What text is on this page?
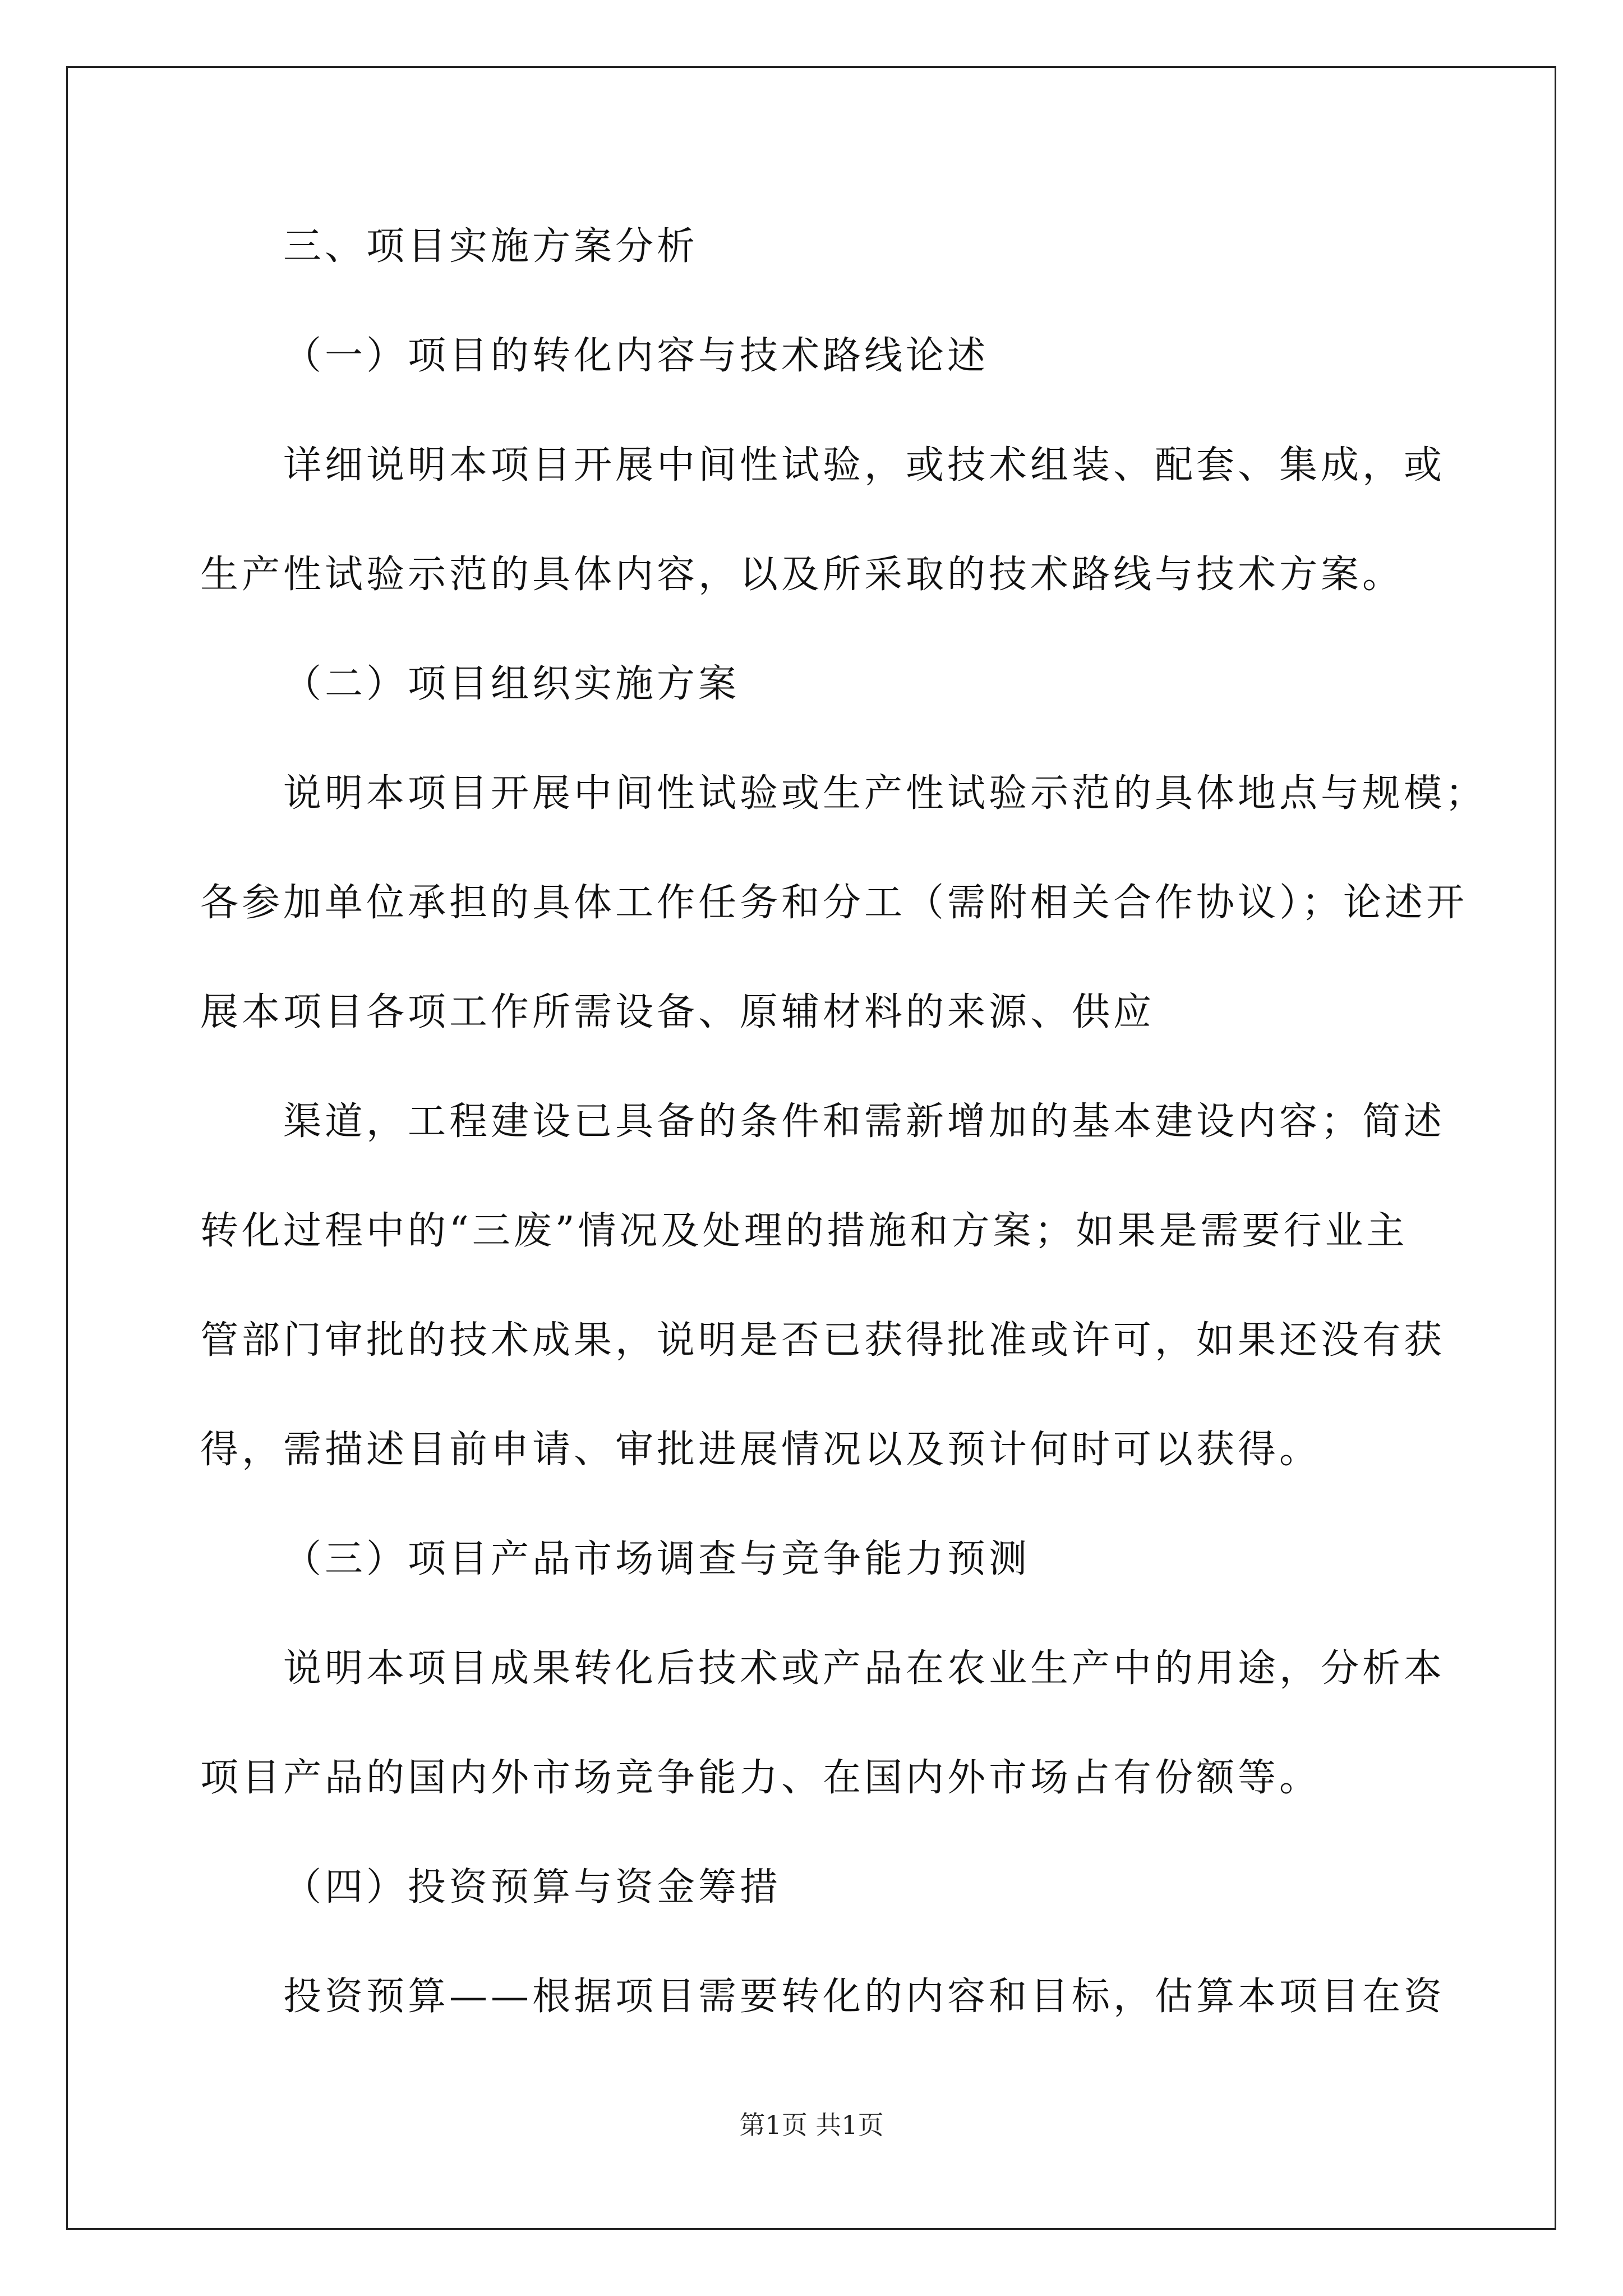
三、项目实施方案分析
（一）项目的转化内容与技术路线论述
详细说明本项目开展中间性试验，或技术组装、配套、集成，或
生产性试验示范的具体内容，以及所采取的技术路线与技术方案。
（二）项目组织实施方案
说明本项目开展中间性试验或生产性试验示范的具体地点与规模；
各参加单位承担的具体工作任务和分工（需附相关合作协议）；论述开
展本项目各项工作所需设备、原辅材料的来源、供应
渠道，工程建设已具备的条件和需新增加的基本建设内容；简述
转化过程中的“三废”情况及处理的措施和方案；如果是需要行业主
管部门审批的技术成果，说明是否已获得批准或许可，如果还没有获
得，需描述目前申请、审批进展情况以及预计何时可以获得。
（三）项目产品市场调查与竞争能力预测
说明本项目成果转化后技术或产品在农业生产中的用途，分析本
项目产品的国内外市场竞争能力、在国内外市场占有份额等。
（四）投资预算与资金筹措
投资预算——根据项目需要转化的内容和目标，估算本项目在资
第1页 共1页
